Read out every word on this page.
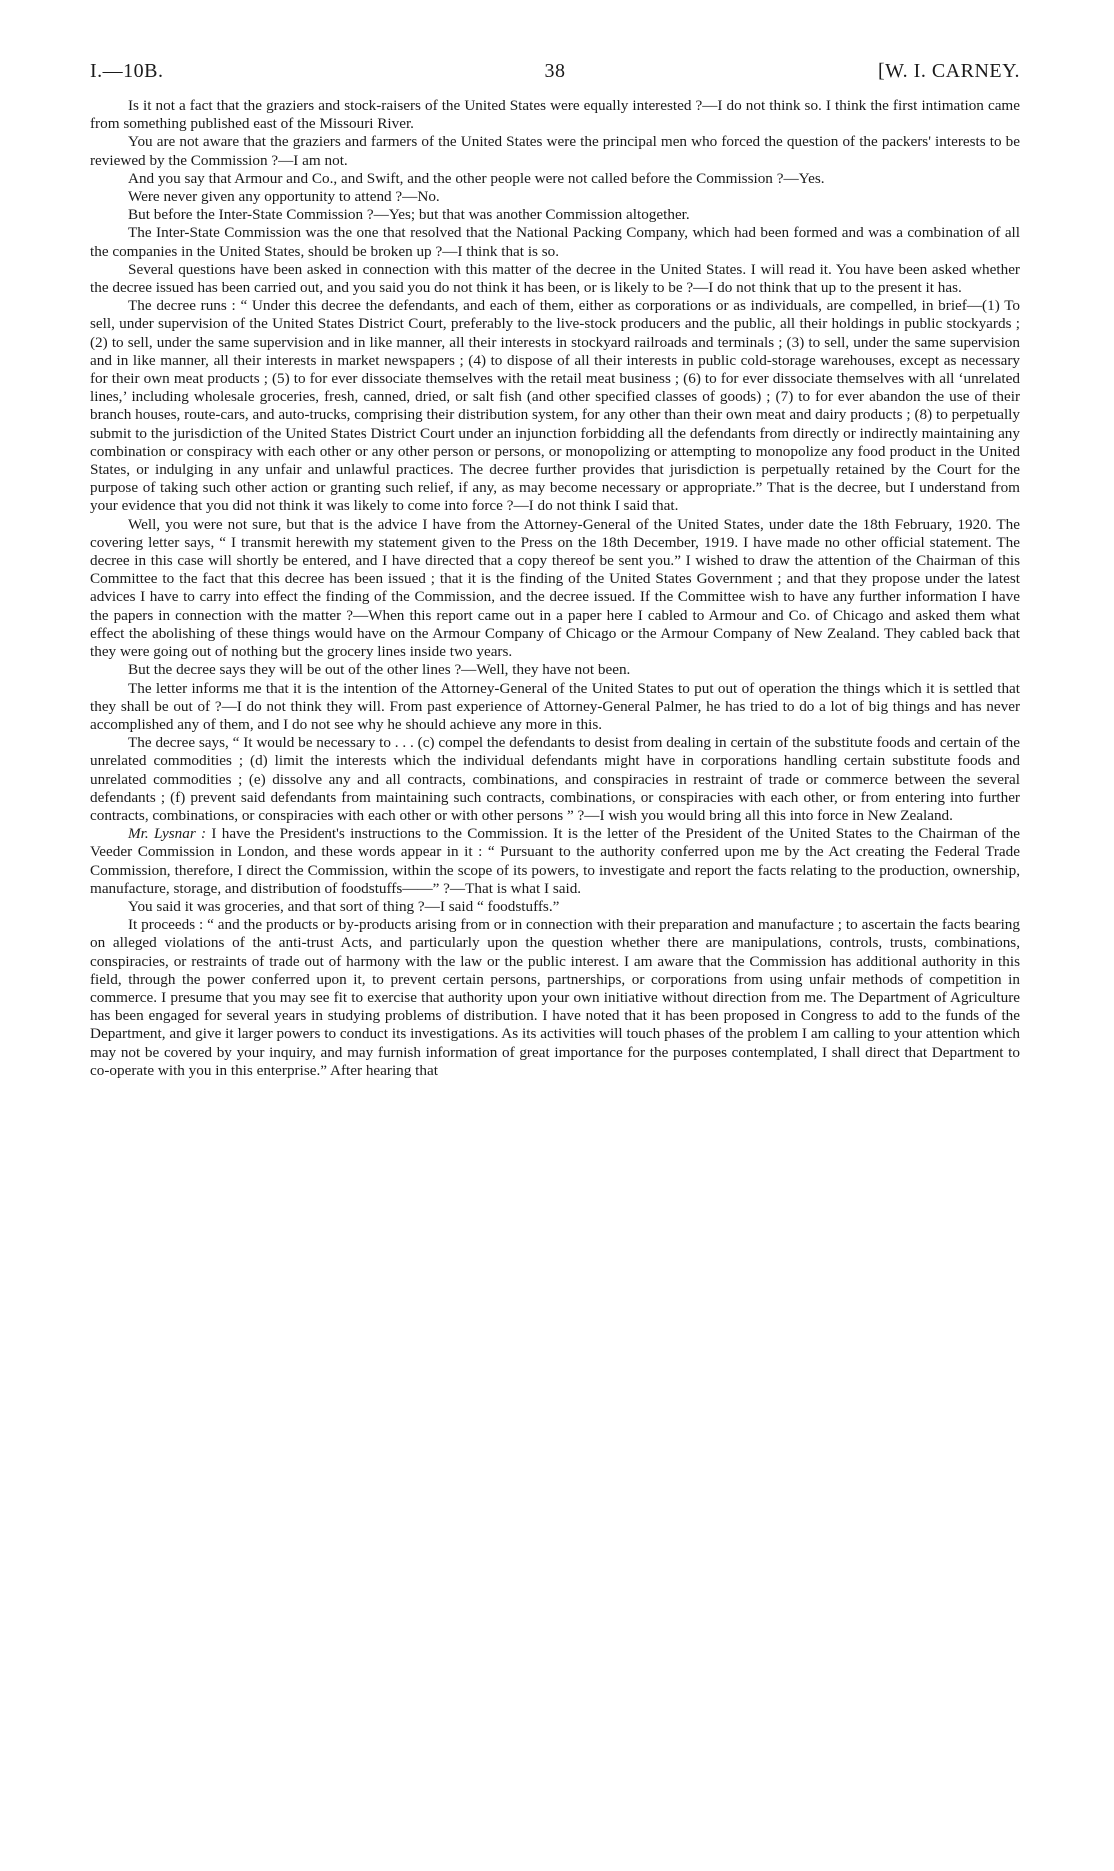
I.—10B.	38	[W. I. CARNEY.

Is it not a fact that the graziers and stock-raisers of the United States were equally interested ?—I do not think so. I think the first intimation came from something published east of the Missouri River.

You are not aware that the graziers and farmers of the United States were the principal men who forced the question of the packers' interests to be reviewed by the Commission ?—I am not.

And you say that Armour and Co., and Swift, and the other people were not called before the Commission ?—Yes.

Were never given any opportunity to attend ?—No.

But before the Inter-State Commission ?—Yes; but that was another Commission altogether.

The Inter-State Commission was the one that resolved that the National Packing Company, which had been formed and was a combination of all the companies in the United States, should be broken up ?—I think that is so.

Several questions have been asked in connection with this matter of the decree in the United States. I will read it. You have been asked whether the decree issued has been carried out, and you said you do not think it has been, or is likely to be ?—I do not think that up to the present it has.

The decree runs : “ Under this decree the defendants, and each of them, either as corporations or as individuals, are compelled, in brief—(1) To sell, under supervision of the United States District Court, preferably to the live-stock producers and the public, all their holdings in public stockyards ; (2) to sell, under the same supervision and in like manner, all their interests in stockyard railroads and terminals ; (3) to sell, under the same supervision and in like manner, all their interests in market newspapers ; (4) to dispose of all their interests in public cold-storage warehouses, except as necessary for their own meat products ; (5) to for ever dissociate themselves with the retail meat business ; (6) to for ever dissociate themselves with all ‘unrelated lines,’ including wholesale groceries, fresh, canned, dried, or salt fish (and other specified classes of goods) ; (7) to for ever abandon the use of their branch houses, route-cars, and auto-trucks, comprising their distribution system, for any other than their own meat and dairy products ; (8) to perpetually submit to the jurisdiction of the United States District Court under an injunction forbidding all the defendants from directly or indirectly maintaining any combination or conspiracy with each other or any other person or persons, or monopolizing or attempting to monopolize any food product in the United States, or indulging in any unfair and unlawful practices. The decree further provides that jurisdiction is perpetually retained by the Court for the purpose of taking such other action or granting such relief, if any, as may become necessary or appropriate.” That is the decree, but I understand from your evidence that you did not think it was likely to come into force ?—I do not think I said that.

Well, you were not sure, but that is the advice I have from the Attorney-General of the United States, under date the 18th February, 1920. The covering letter says, “ I transmit herewith my statement given to the Press on the 18th December, 1919. I have made no other official statement. The decree in this case will shortly be entered, and I have directed that a copy thereof be sent you.” I wished to draw the attention of the Chairman of this Committee to the fact that this decree has been issued ; that it is the finding of the United States Government ; and that they propose under the latest advices I have to carry into effect the finding of the Commission, and the decree issued. If the Committee wish to have any further information I have the papers in connection with the matter ?—When this report came out in a paper here I cabled to Armour and Co. of Chicago and asked them what effect the abolishing of these things would have on the Armour Company of Chicago or the Armour Company of New Zealand. They cabled back that they were going out of nothing but the grocery lines inside two years.

But the decree says they will be out of the other lines ?—Well, they have not been.

The letter informs me that it is the intention of the Attorney-General of the United States to put out of operation the things which it is settled that they shall be out of ?—I do not think they will. From past experience of Attorney-General Palmer, he has tried to do a lot of big things and has never accomplished any of them, and I do not see why he should achieve any more in this.

The decree says, “ It would be necessary to . . . (c) compel the defendants to desist from dealing in certain of the substitute foods and certain of the unrelated commodities ; (d) limit the interests which the individual defendants might have in corporations handling certain substitute foods and unrelated commodities ; (e) dissolve any and all contracts, combinations, and conspiracies in restraint of trade or commerce between the several defendants ; (f) prevent said defendants from maintaining such contracts, combinations, or conspiracies with each other, or from entering into further contracts, combinations, or conspiracies with each other or with other persons ” ?—I wish you would bring all this into force in New Zealand.

Mr. Lysnar : I have the President's instructions to the Commission. It is the letter of the President of the United States to the Chairman of the Veeder Commission in London, and these words appear in it : “ Pursuant to the authority conferred upon me by the Act creating the Federal Trade Commission, therefore, I direct the Commission, within the scope of its powers, to investigate and report the facts relating to the production, ownership, manufacture, storage, and distribution of foodstuffs——” ?—That is what I said.

You said it was groceries, and that sort of thing ?—I said “ foodstuffs.”

It proceeds : “ and the products or by-products arising from or in connection with their preparation and manufacture ; to ascertain the facts bearing on alleged violations of the anti-trust Acts, and particularly upon the question whether there are manipulations, controls, trusts, combinations, conspiracies, or restraints of trade out of harmony with the law or the public interest. I am aware that the Commission has additional authority in this field, through the power conferred upon it, to prevent certain persons, partnerships, or corporations from using unfair methods of competition in commerce. I presume that you may see fit to exercise that authority upon your own initiative without direction from me. The Department of Agriculture has been engaged for several years in studying problems of distribution. I have noted that it has been proposed in Congress to add to the funds of the Department, and give it larger powers to conduct its investigations. As its activities will touch phases of the problem I am calling to your attention which may not be covered by your inquiry, and may furnish information of great importance for the purposes contemplated, I shall direct that Department to co-operate with you in this enterprise.” After hearing that
